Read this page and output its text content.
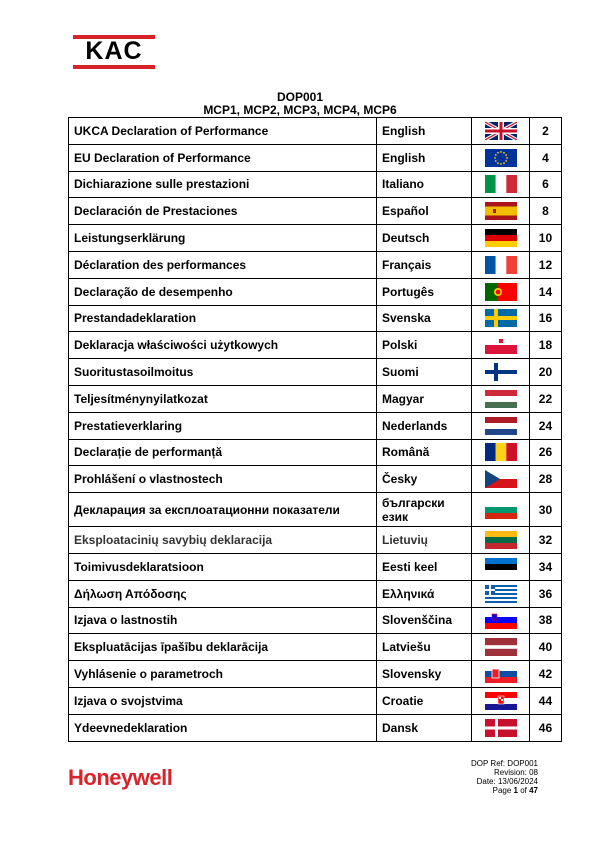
KAC
DOP001
MCP1, MCP2, MCP3, MCP4, MCP6
UKCA Declaration of Performance	English		2
EU Declaration of Performance	English		4
Dichiarazione sulle prestazioni	Italiano		6
Declaración de Prestaciones	Español		8
Leistungserklärung	Deutsch		10
Déclaration des performances	Français		12
Declaração de desempenho	Portugês		14
Prestandadeklaration	Svenska		16
Deklaracja właściwości użytkowych	Polski		18
Suoritustasoilmoitus	Suomi		20
Teljesítménynyilatkozat	Magyar		22
Prestatieverklaring	Nederlands		24
Declarație de performanță	Română		26
Prohlášení o vlastnostech	Česky		28
Декларация за експлоатационни показатели	български език		30
Eksploatacinių savybių deklaracija	Lietuvių		32
Toimivusdeklaratsioon	Eesti keel		34
Δήλωση Απόδοσης	Ελληνικά		36
Izjava o lastnostih	Slovenščina		38
Ekspluatācijas īpašību deklarācija	Latviešu		40
Vyhlásenie o parametroch	Slovensky		42
Izjava o svojstvima	Croatie		44
Ydeevnedeklaration	Dansk		46
Honeywell
DOP Ref: DOP001
Revision: 08
Date: 13/06/2024
Page 1 of 47
